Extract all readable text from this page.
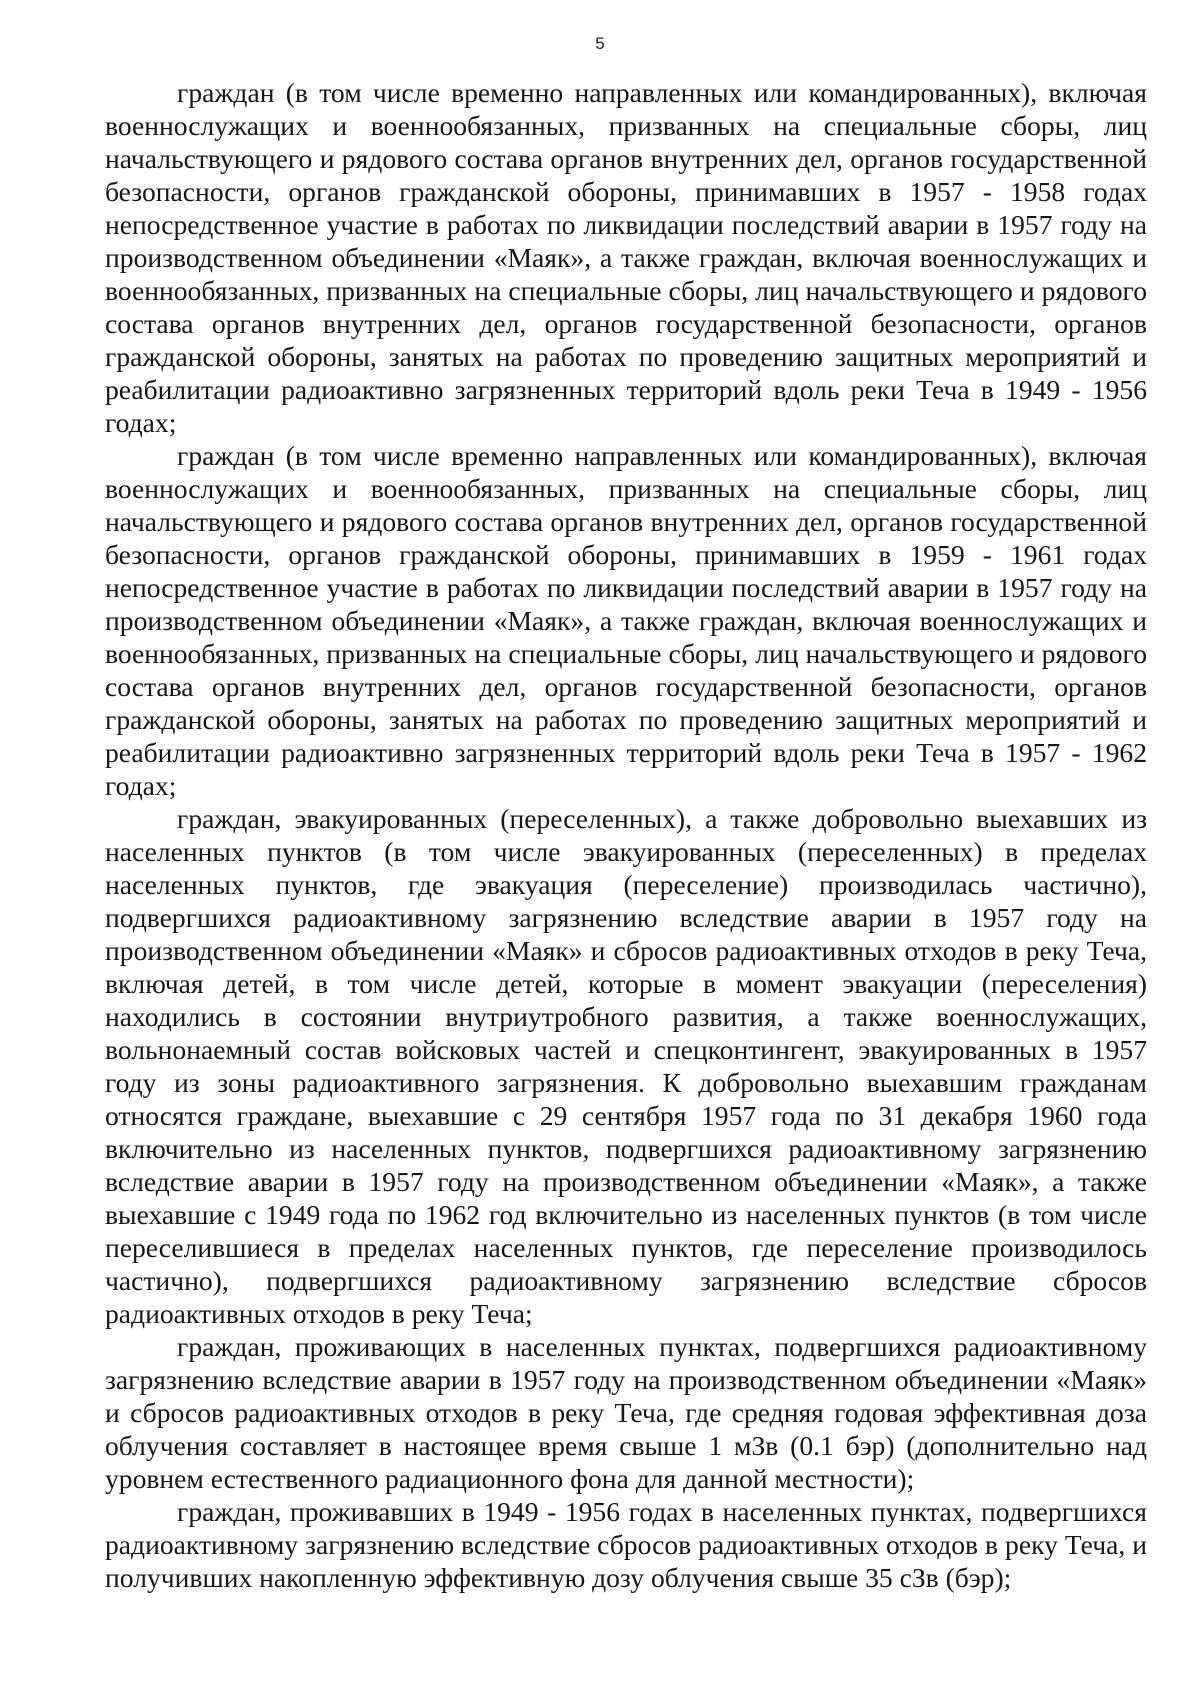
5

граждан (в том числе временно направленных или командированных), включая военнослужащих и военнообязанных, призванных на специальные сборы, лиц начальствующего и рядового состава органов внутренних дел, органов государственной безопасности, органов гражданской обороны, принимавших в 1957 - 1958 годах непосредственное участие в работах по ликвидации последствий аварии в 1957 году на производственном объединении «Маяк», а также граждан, включая военнослужащих и военнообязанных, призванных на специальные сборы, лиц начальствующего и рядового состава органов внутренних дел, органов государственной безопасности, органов гражданской обороны, занятых на работах по проведению защитных мероприятий и реабилитации радиоактивно загрязненных территорий вдоль реки Теча в 1949 - 1956 годах;

граждан (в том числе временно направленных или командированных), включая военнослужащих и военнообязанных, призванных на специальные сборы, лиц начальствующего и рядового состава органов внутренних дел, органов государственной безопасности, органов гражданской обороны, принимавших в 1959 - 1961 годах непосредственное участие в работах по ликвидации последствий аварии в 1957 году на производственном объединении «Маяк», а также граждан, включая военнослужащих и военнообязанных, призванных на специальные сборы, лиц начальствующего и рядового состава органов внутренних дел, органов государственной безопасности, органов гражданской обороны, занятых на работах по проведению защитных мероприятий и реабилитации радиоактивно загрязненных территорий вдоль реки Теча в 1957 - 1962 годах;

граждан, эвакуированных (переселенных), а также добровольно выехавших из населенных пунктов (в том числе эвакуированных (переселенных) в пределах населенных пунктов, где эвакуация (переселение) производилась частично), подвергшихся радиоактивному загрязнению вследствие аварии в 1957 году на производственном объединении «Маяк» и сбросов радиоактивных отходов в реку Теча, включая детей, в том числе детей, которые в момент эвакуации (переселения) находились в состоянии внутриутробного развития, а также военнослужащих, вольнонаемный состав войсковых частей и спецконтингент, эвакуированных в 1957 году из зоны радиоактивного загрязнения. К добровольно выехавшим гражданам относятся граждане, выехавшие с 29 сентября 1957 года по 31 декабря 1960 года включительно из населенных пунктов, подвергшихся радиоактивному загрязнению вследствие аварии в 1957 году на производственном объединении «Маяк», а также выехавшие с 1949 года по 1962 год включительно из населенных пунктов (в том числе переселившиеся в пределах населенных пунктов, где переселение производилось частично), подвергшихся радиоактивному загрязнению вследствие сбросов радиоактивных отходов в реку Теча;

граждан, проживающих в населенных пунктах, подвергшихся радиоактивному загрязнению вследствие аварии в 1957 году на производственном объединении «Маяк» и сбросов радиоактивных отходов в реку Теча, где средняя годовая эффективная доза облучения составляет в настоящее время свыше 1 мЗв (0.1 бэр) (дополнительно над уровнем естественного радиационного фона для данной местности);

граждан, проживавших в 1949 - 1956 годах в населенных пунктах, подвергшихся радиоактивному загрязнению вследствие сбросов радиоактивных отходов в реку Теча, и получивших накопленную эффективную дозу облучения свыше 35 сЗв (бэр);
